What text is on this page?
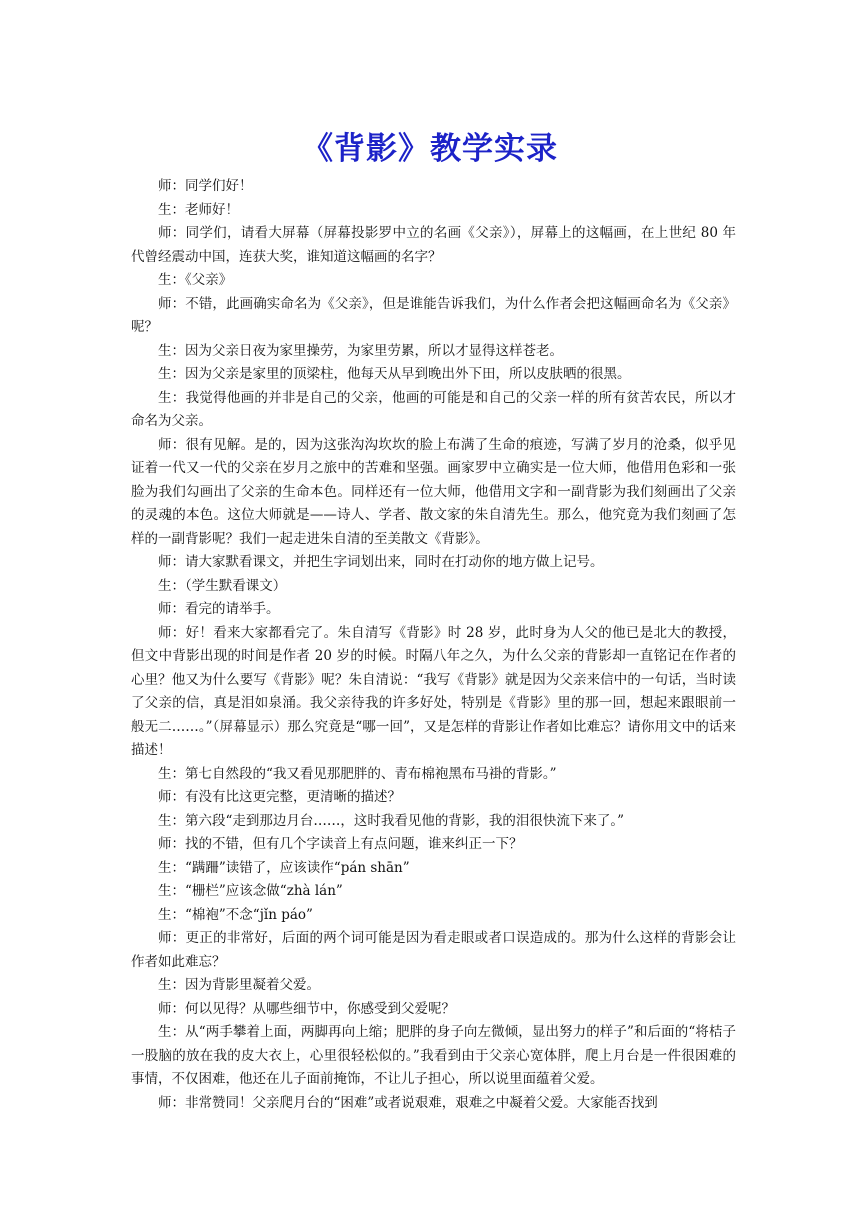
《背影》教学实录

师：同学们好！

生：老师好！

师：同学们，请看大屏幕（屏幕投影罗中立的名画《父亲》），屏幕上的这幅画，在上世纪 80 年代曾经震动中国，连获大奖，谁知道这幅画的名字？

生：《父亲》

师：不错，此画确实命名为《父亲》，但是谁能告诉我们，为什么作者会把这幅画命名为《父亲》呢？

生：因为父亲日夜为家里操劳，为家里劳累，所以才显得这样苍老。

生：因为父亲是家里的顶梁柱，他每天从早到晚出外下田，所以皮肤晒的很黑。

生：我觉得他画的并非是自己的父亲，他画的可能是和自己的父亲一样的所有贫苦农民，所以才命名为父亲。

师：很有见解。是的，因为这张沟沟坎坎的脸上布满了生命的痕迹，写满了岁月的沧桑，似乎见证着一代又一代的父亲在岁月之旅中的苦难和坚强。画家罗中立确实是一位大师，他借用色彩和一张脸为我们勾画出了父亲的生命本色。同样还有一位大师，他借用文字和一副背影为我们刻画出了父亲的灵魂的本色。这位大师就是——诗人、学者、散文家的朱自清先生。那么，他究竟为我们刻画了怎样的一副背影呢？我们一起走进朱自清的至美散文《背影》。

师：请大家默看课文，并把生字词划出来，同时在打动你的地方做上记号。

生：（学生默看课文）

师：看完的请举手。

师：好！看来大家都看完了。朱自清写《背影》时 28 岁，此时身为人父的他已是北大的教授，但文中背影出现的时间是作者 20 岁的时候。时隔八年之久，为什么父亲的背影却一直铭记在作者的心里？他又为什么要写《背影》呢？朱自清说：“我写《背影》就是因为父亲来信中的一句话，当时读了父亲的信，真是泪如泉涌。我父亲待我的许多好处，特别是《背影》里的那一回，想起来跟眼前一般无二……。”（屏幕显示）那么究竟是“哪一回”，又是怎样的背影让作者如比难忘？请你用文中的话来描述！

生：第七自然段的“我又看见那肥胖的、青布棉袍黑布马褂的背影。”

师：有没有比这更完整，更清晰的描述？

生：第六段“走到那边月台……，这时我看见他的背影，我的泪很快流下来了。”

师：找的不错，但有几个字读音上有点问题，谁来纠正一下？

生：“蹒跚”读错了，应该读作“pán shān”

生：“栅栏”应该念做“zhà lán”

生：“棉袍”不念“jǐn páo”

师：更正的非常好，后面的两个词可能是因为看走眼或者口误造成的。那为什么这样的背影会让作者如此难忘？

生：因为背影里凝着父爱。

师：何以见得？从哪些细节中，你感受到父爱呢？

生：从“两手攀着上面，两脚再向上缩；肥胖的身子向左微倾，显出努力的样子”和后面的“将桔子一股脑的放在我的皮大衣上，心里很轻松似的。”我看到由于父亲心宽体胖，爬上月台是一件很困难的事情，不仅困难，他还在儿子面前掩饰，不让儿子担心，所以说里面蕴着父爱。

师：非常赞同！父亲爬月台的“困难”或者说艰难，艰难之中凝着父爱。大家能否找到
